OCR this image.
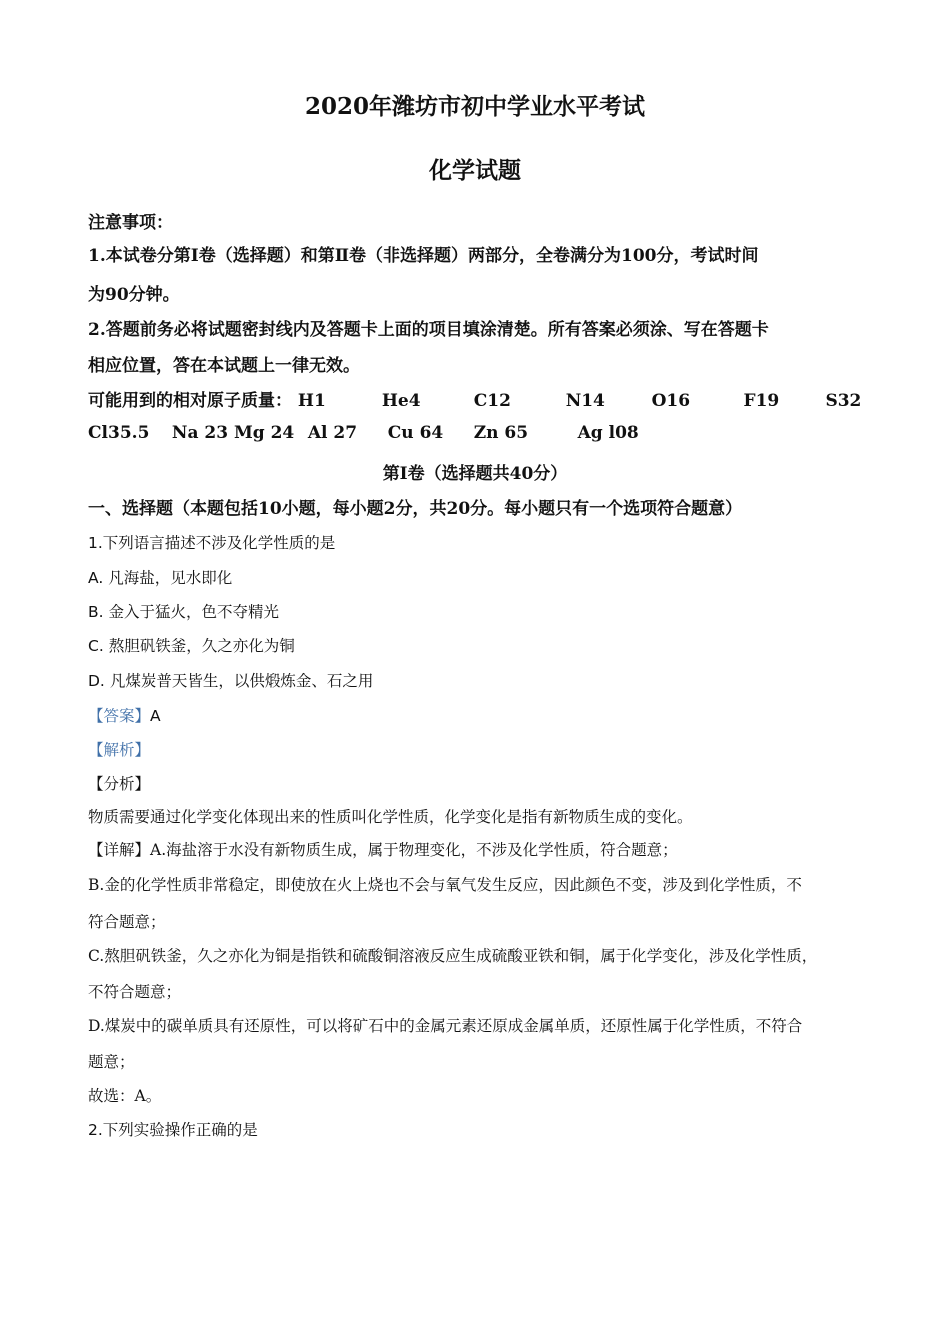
2020年潍坊市初中学业水平考试
化学试题
注意事项：
1.本试卷分第Ⅰ卷（选择题）和第Ⅱ卷（非选择题）两部分，全卷满分为100分，考试时间
为90分钟。
2.答题前务必将试题密封线内及答题卡上面的项目填涂清楚。所有答案必须涂、写在答题卡
相应位置，答在本试题上一律无效。
可能用到的相对原子质量： H1	He4	C12	N14	O16	F19	S32
Cl35.5 Na 23 Mg 24 Al 27 Cu 64 Zn 65	Ag l08
第I卷（选择题共40分）
一、选择题（本题包括10小题，每小题2分，共20分。每小题只有一个选项符合题意）
1.下列语言描述不涉及化学性质的是
A. 凡海盐，见水即化
B. 金入于猛火，色不夺精光
C. 熬胆矾铁釜，久之亦化为铜
D. 凡煤炭普天皆生，以供煅炼金、石之用
【答案】A
【解析】
【分析】
物质需要通过化学变化体现出来的性质叫化学性质，化学变化是指有新物质生成的变化。
【详解】A.海盐溶于水没有新物质生成，属于物理变化，不涉及化学性质，符合题意；
B.金的化学性质非常稳定，即使放在火上烧也不会与氧气发生反应，因此颜色不变，涉及到化学性质，不
符合题意；
C.熬胆矾铁釜，久之亦化为铜是指铁和硫酸铜溶液反应生成硫酸亚铁和铜，属于化学变化，涉及化学性质，
不符合题意；
D.煤炭中的碳单质具有还原性，可以将矿石中的金属元素还原成金属单质，还原性属于化学性质，不符合
题意；
故选：A。
2.下列实验操作正确的是
